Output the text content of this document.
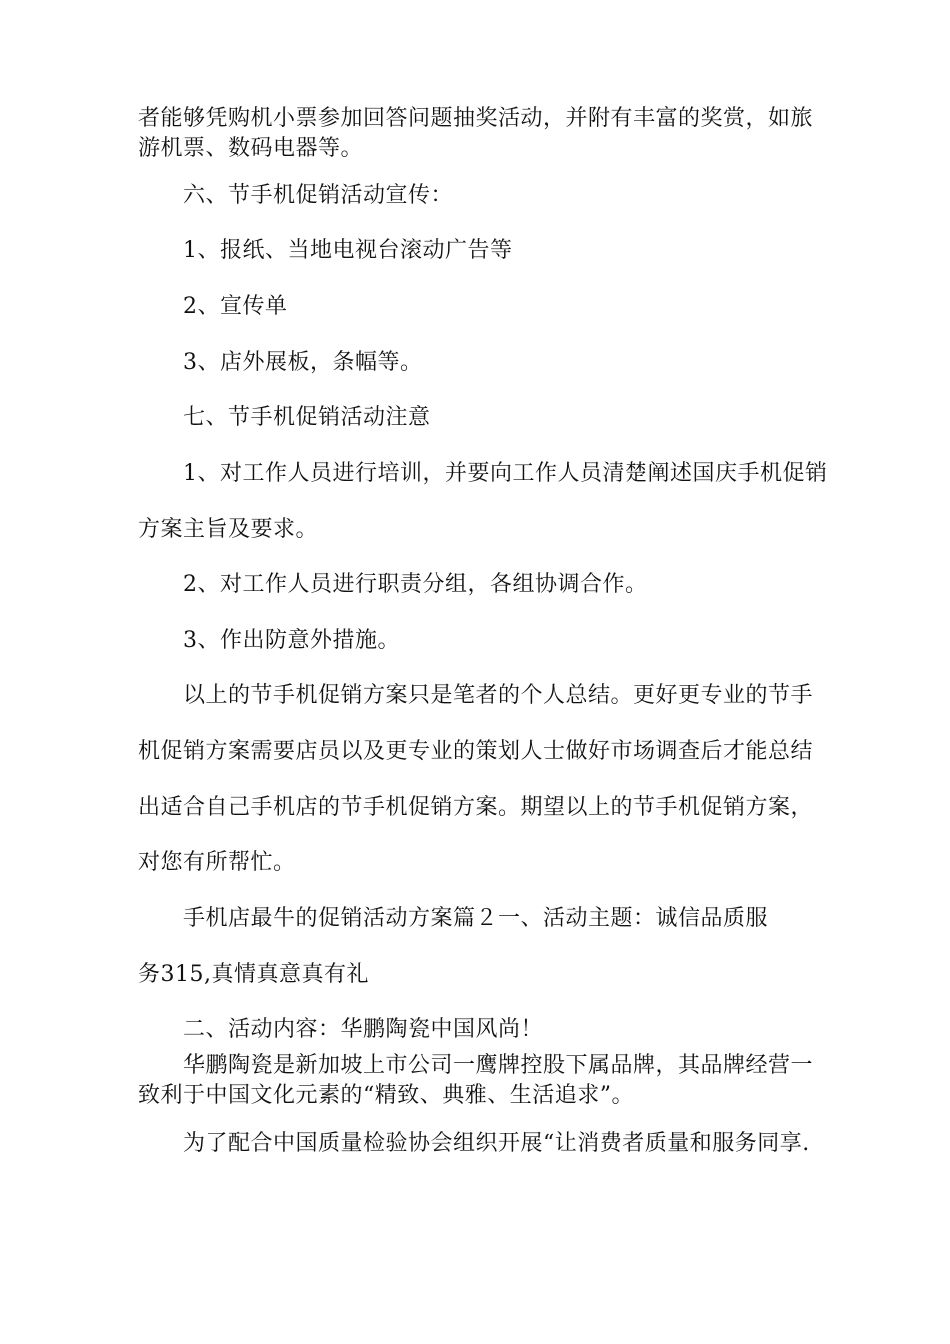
者能够凭购机小票参加回答问题抽奖活动，并附有丰富的奖赏，如旅
游机票、数码电器等。
六、节手机促销活动宣传：
1、报纸、当地电视台滚动广告等
2、宣传单
3、店外展板，条幅等。
七、节手机促销活动注意
1、对工作人员进行培训，并要向工作人员清楚阐述国庆手机促销
方案主旨及要求。
2、对工作人员进行职责分组，各组协调合作。
3、作出防意外措施。
以上的节手机促销方案只是笔者的个人总结。更好更专业的节手
机促销方案需要店员以及更专业的策划人士做好市场调查后才能总结
出适合自己手机店的节手机促销方案。期望以上的节手机促销方案，
对您有所帮忙。
手机店最牛的促销活动方案篇２一、活动主题：诚信品质服
务315,真情真意真有礼
二、活动内容：华鹏陶瓷中国风尚！
华鹏陶瓷是新加坡上市公司一鹰牌控股下属品牌，其品牌经营一
致利于中国文化元素的“精致、典雅、生活追求”。
为了配合中国质量检验协会组织开展“让消费者质量和服务同享.
